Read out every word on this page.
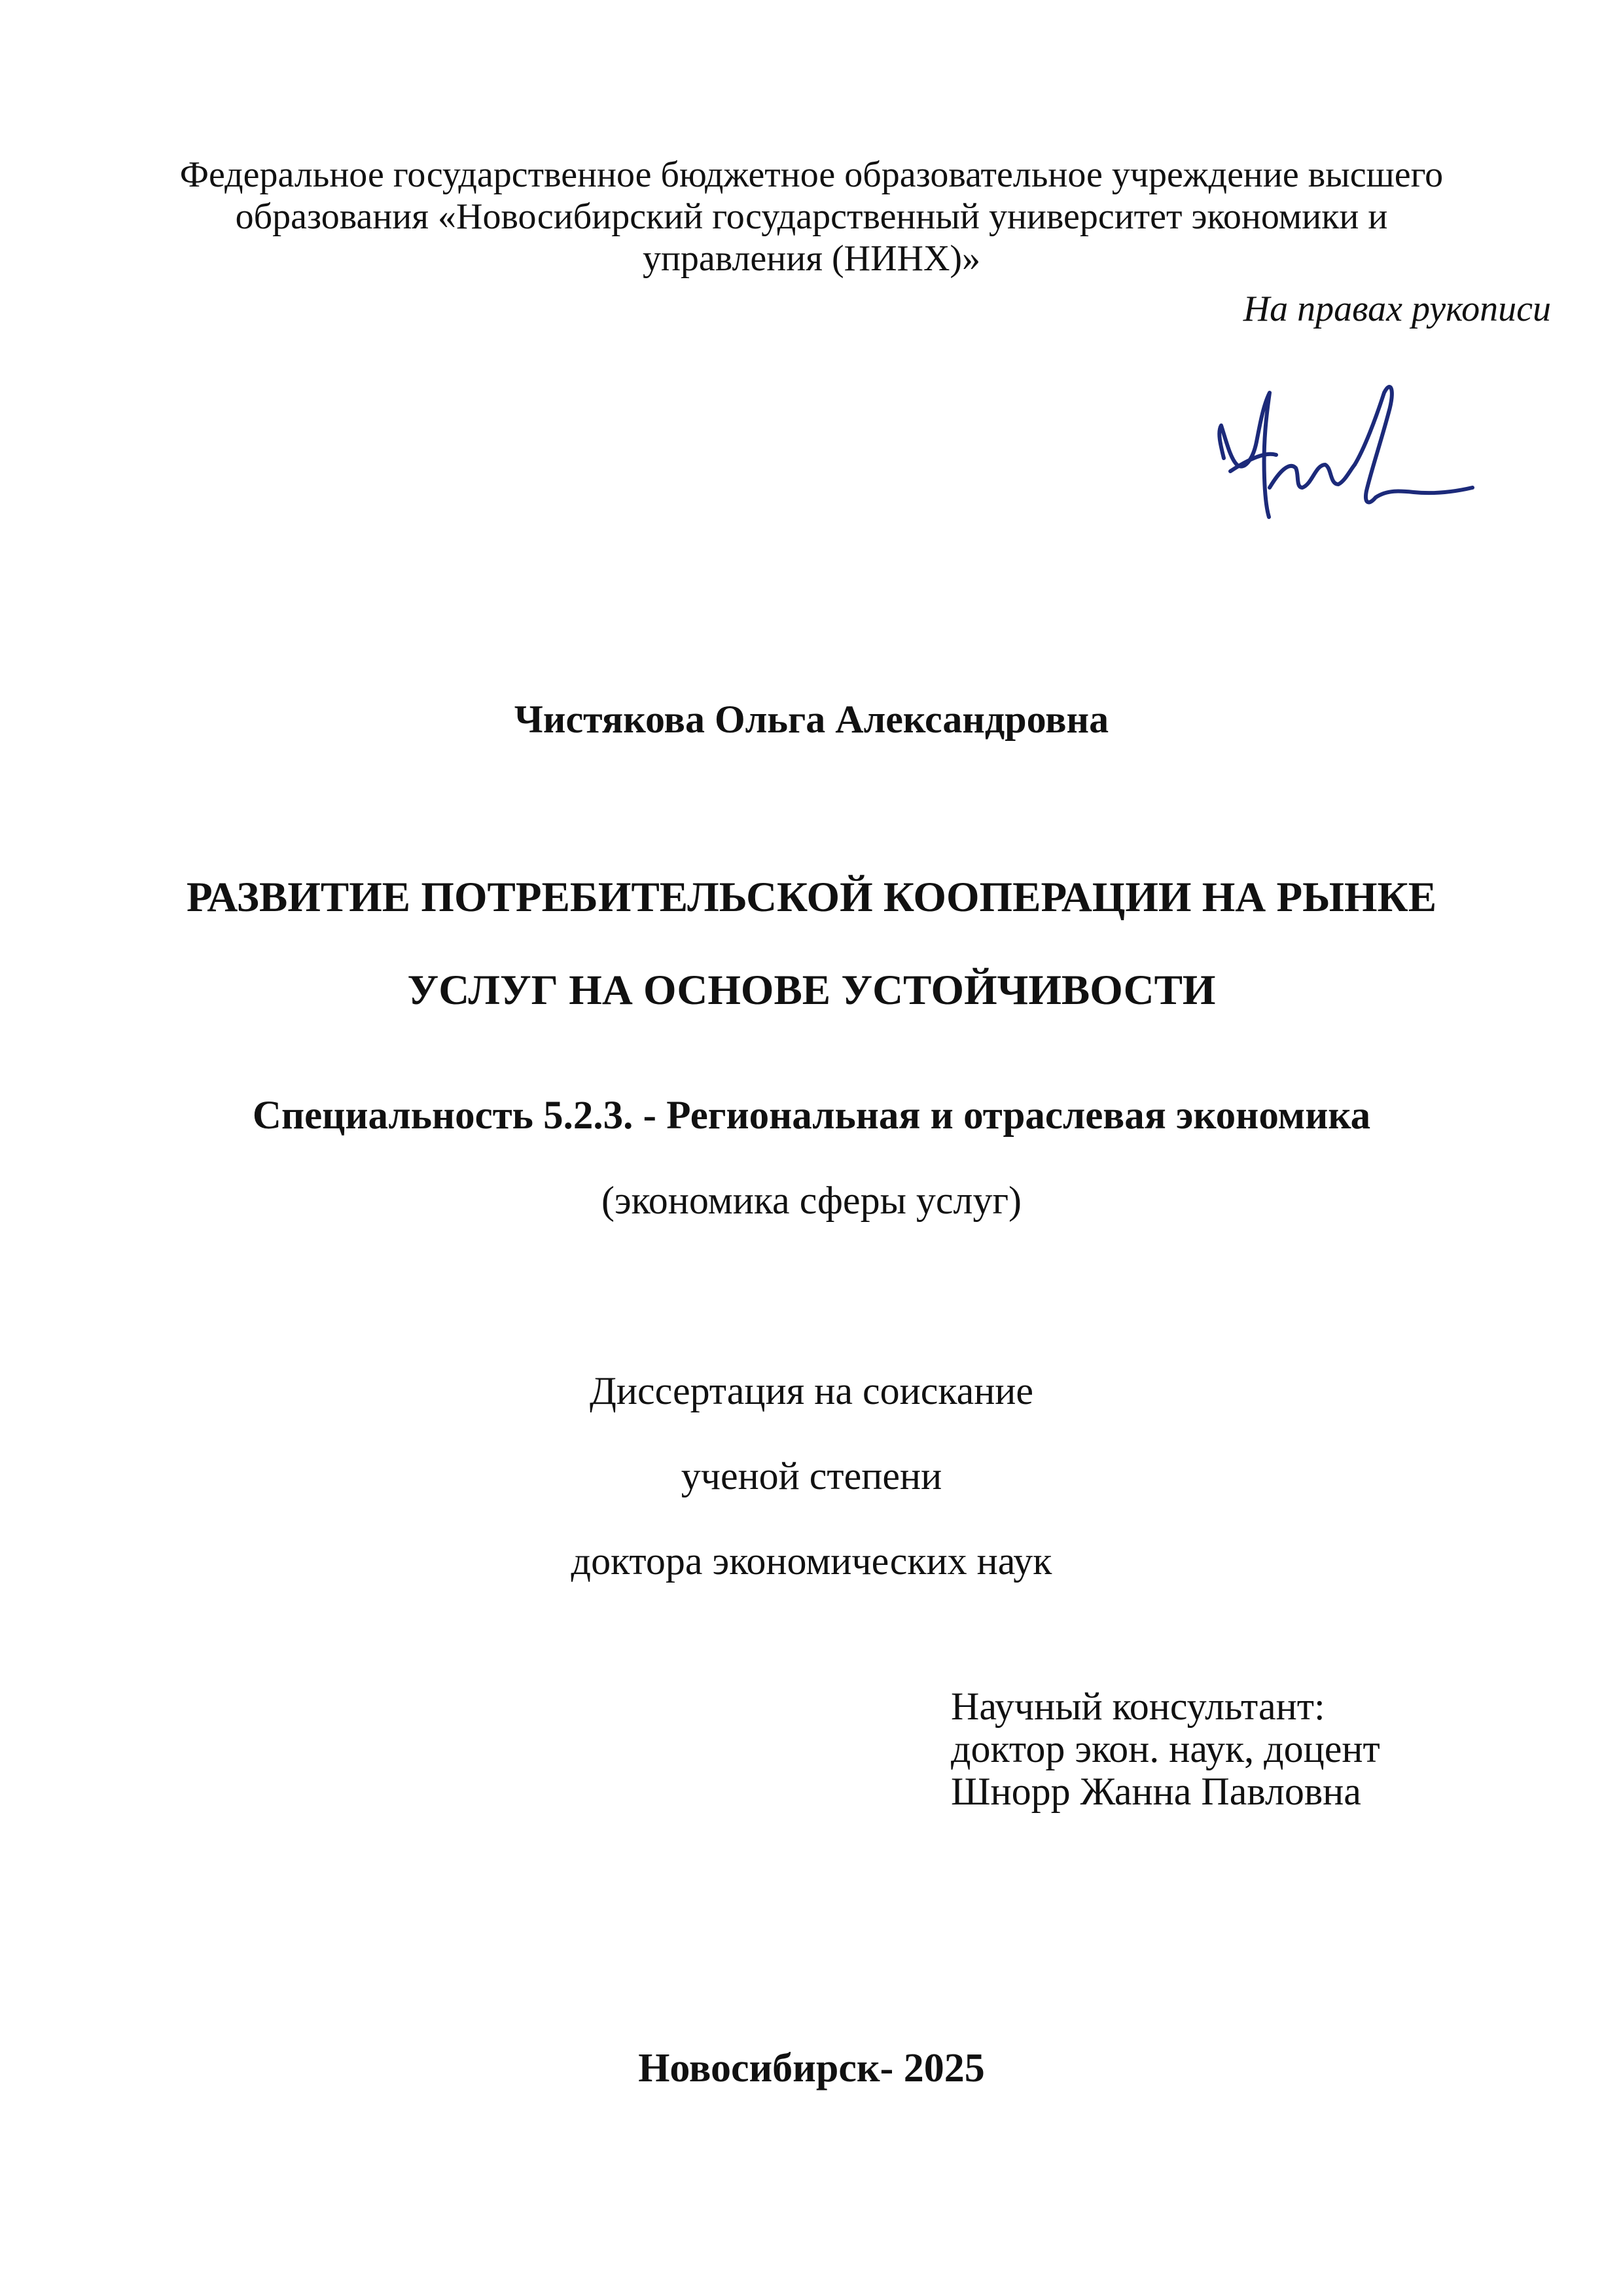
Федеральное государственное бюджетное образовательное учреждение высшего
образования «Новосибирский государственный университет экономики и
управления (НИНХ)»
На правах рукописи
Чистякова Ольга Александровна
РАЗВИТИЕ ПОТРЕБИТЕЛЬСКОЙ КООПЕРАЦИИ НА РЫНКЕ
УСЛУГ НА ОСНОВЕ УСТОЙЧИВОСТИ
Специальность 5.2.3. - Региональная и отраслевая экономика
(экономика сферы услуг)
Диссертация на соискание
ученой степени
доктора экономических наук
Научный консультант:
доктор экон. наук, доцент
Шнорр Жанна Павловна
Новосибирск- 2025
